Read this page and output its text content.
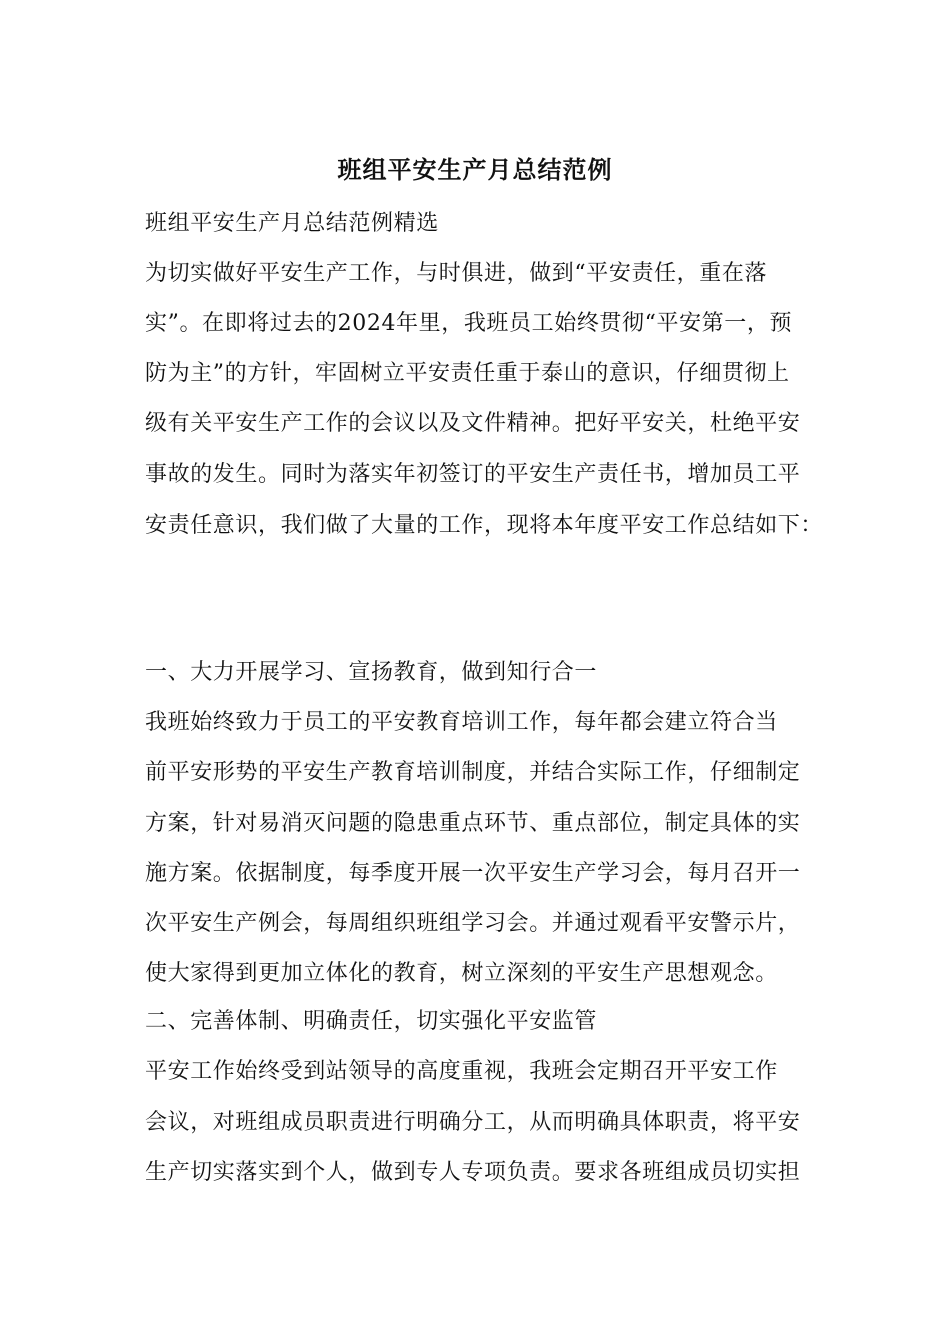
班组平安生产月总结范例
班组平安生产月总结范例精选
为切实做好平安生产工作，与时俱进，做到“平安责任，重在落
实”。在即将过去的2024年里，我班员工始终贯彻“平安第一，预
防为主”的方针，牢固树立平安责任重于泰山的意识，仔细贯彻上
级有关平安生产工作的会议以及文件精神。把好平安关，杜绝平安
事故的发生。同时为落实年初签订的平安生产责任书，增加员工平
安责任意识，我们做了大量的工作，现将本年度平安工作总结如下：
一、大力开展学习、宣扬教育，做到知行合一
我班始终致力于员工的平安教育培训工作，每年都会建立符合当
前平安形势的平安生产教育培训制度，并结合实际工作，仔细制定
方案，针对易消灭问题的隐患重点环节、重点部位，制定具体的实
施方案。依据制度，每季度开展一次平安生产学习会，每月召开一
次平安生产例会，每周组织班组学习会。并通过观看平安警示片，
使大家得到更加立体化的教育，树立深刻的平安生产思想观念。
二、完善体制、明确责任，切实强化平安监管
平安工作始终受到站领导的高度重视，我班会定期召开平安工作
会议，对班组成员职责进行明确分工，从而明确具体职责，将平安
生产切实落实到个人，做到专人专项负责。要求各班组成员切实担
